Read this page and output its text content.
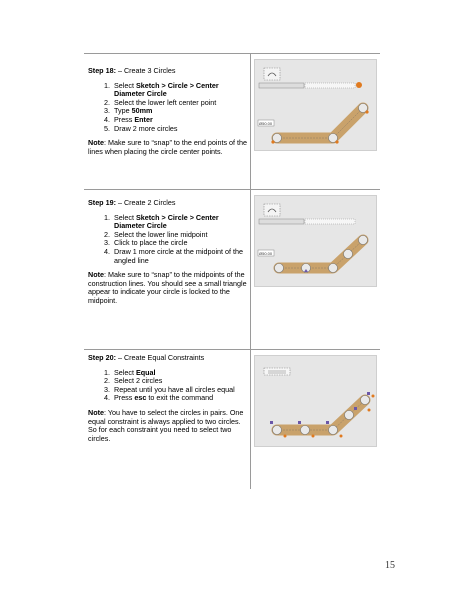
Step 18: – Create 3 Circles
1. Select Sketch > Circle > Center Diameter Circle
2. Select the lower left center point
3. Type 50mm
4. Press Enter
5. Draw 2 more circles

Note: Make sure to “snap” to the end points of the lines when placing the circle center points.

Step 19: – Create 2 Circles
1. Select Sketch > Circle > Center Diameter Circle
2. Select the lower line midpoint
3. Click to place the circle
4. Draw 1 more circle at the midpoint of the angled line

Note: Make sure to “snap” to the midpoints of the construction lines. You should see a small triangle appear to indicate your circle is locked to the midpoint.

Step 20: – Create Equal Constraints
1. Select Equal
2. Select 2 circles
3. Repeat until you have all circles equal
4. Press esc to exit the command

Note: You have to select the circles in pairs. One equal constraint is always applied to two circles. So for each constraint you need to select two circles.

Ø50.00
Ø50.00
15
